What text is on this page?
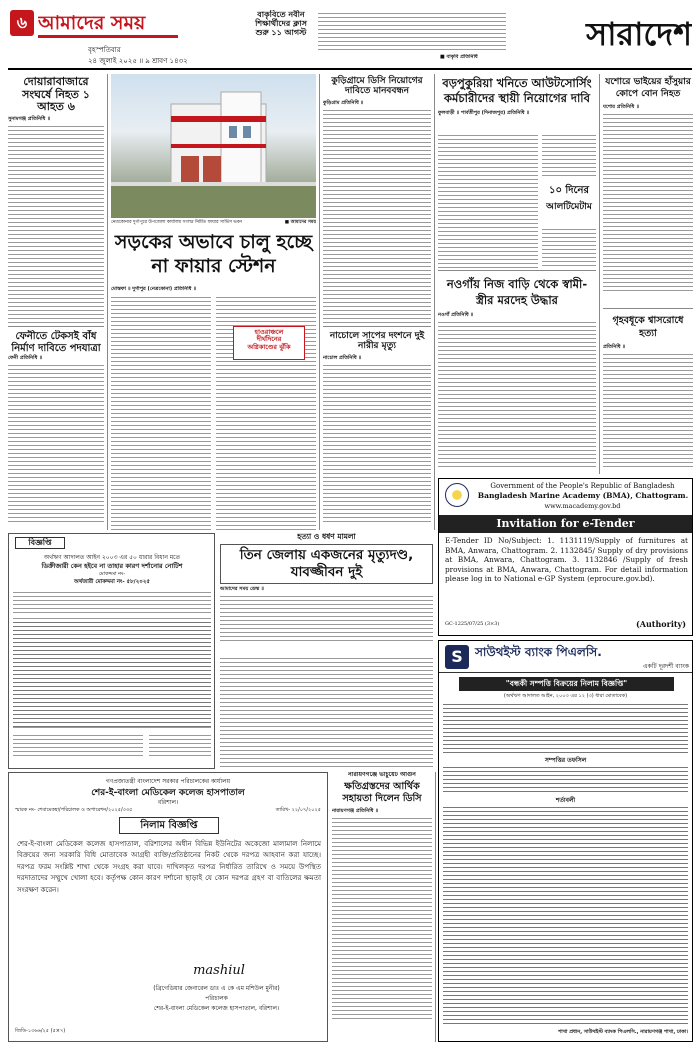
৬ আমাদের সময়
বৃহস্পতিবার
২৪ জুলাই ২০২৫ ॥ ৯ শ্রাবণ ১৪৩২
বাকৃবিতে নবীন
শিক্ষার্থীদের ক্লাস
শুরু ১১ আগস্ট
■ বাকৃবি প্রতিনিধি
সারাদেশ
দোয়ারাবাজারে সংঘর্ষে নিহত ১ আহত ৬
সুনামগঞ্জ প্রতিনিধি ॥
ফেনীতে টেকসই বাঁধ নির্মাণ দাবিতে পদযাত্রা
ফেনী প্রতিনিধি ॥
নেত্রকোনার দুর্গাপুরে উপজেলা কার্যালয় সংলগ্ন নির্মিত ফায়ার সার্ভিস ভবন	■ আমাদের সময়
সড়কের অভাবে চালু হচ্ছে না ফায়ার স্টেশন
মোস্তফা ॥ দুর্গাপুর (নেত্রকোনা) প্রতিনিধি ॥
হাওরাঞ্চলে
দীর্ঘদিনের
অগ্নিকাণ্ডের ঝুঁকি
কুড়িগ্রামে ডিসি নিয়োগের দাবিতে মানববন্ধন
কুড়িগ্রাম প্রতিনিধি ॥
নাচোলে সাপের দংশনে দুই নারীর মৃত্যু
নাচোল প্রতিনিধি ॥
বড়পুকুরিয়া খনিতে আউটসোর্সিং কর্মচারীদের স্থায়ী নিয়োগের দাবি
ফুলবাড়ী ॥ পার্বতীপুর (দিনাজপুর) প্রতিনিধি ॥
১০ দিনের
আলটিমেটাম
নওগাঁয় নিজ বাড়ি থেকে স্বামী-স্ত্রীর মরদেহ উদ্ধার
নওগাঁ প্রতিনিধি ॥
যশোরে ভাইয়ের হাঁসুয়ার কোপে বোন নিহত
যশোর প্রতিনিধি ॥
গৃহবধূকে শ্বাসরোধে হত্যা
প্রতিনিধি ॥
Government of the People's Republic of Bangladesh
Bangladesh Marine Academy (BMA), Chattogram.
www.macademy.gov.bd
Invitation for e-Tender
E-Tender ID No/Subject: 1. 1131119/Supply of furnitures at BMA, Anwara, Chattogram. 2. 1132845/ Supply of dry provisions at BMA, Anwara, Chattogram. 3. 1132846 /Supply of fresh provisions at BMA, Anwara, Chattogram. For detail information please log in to National e-GP System (eprocure.gov.bd).
GC-1225/07/25 (3×3)	(Authority)
হত্যা ও ধর্ষণ মামলা
তিন জেলায় একজনের মৃত্যুদণ্ড, যাবজ্জীবন দুই
আমাদের সময় ডেস্ক ॥
বিজ্ঞপ্তি
অর্থঋণ আদালত আইন ২০০৩ এর ৫০ ধারার বিধান মতে
ডিক্রীজারী কেন হইবে না তাহার কারণ দর্শানোর নোটিশ
মোকদ্দমা নং-
অর্থজারী মোকদ্দমা নং- ৫৮/২০২৫
গণপ্রজাতন্ত্রী বাংলাদেশ সরকার পরিচালকের কার্যালয়
শের-ই-বাংলা মেডিকেল কলেজ হাসপাতাল
বরিশাল।
স্মারক নং- শেবামেকহা/পরিচালক ও অপারেশন/২০২৫/৩৩৫	তারিখ- ২২/০৭/২০২৫
নিলাম বিজ্ঞপ্তি
শের-ই-বাংলা মেডিকেল কলেজ হাসপাতাল, বরিশালের অধীন বিভিন্ন ইউনিটের অকেজো মালামাল নিলামে বিক্রয়ের জন্য সরকারি বিধি মোতাবেক আগ্রহী ব্যক্তি/প্রতিষ্ঠানের নিকট থেকে দরপত্র আহবান করা যাচ্ছে। দরপত্র ফরম সংশ্লিষ্ট শাখা থেকে সংগ্রহ করা যাবে। দাখিলকৃত দরপত্র নির্ধারিত তারিখে ও সময়ে উপস্থিত দরদাতাদের সম্মুখে খোলা হবে। কর্তৃপক্ষ কোন কারণ দর্শানো ছাড়াই যে কোন দরপত্র গ্রহণ বা বাতিলের ক্ষমতা সংরক্ষণ করেন।
mashiul
(ব্রিগেডিয়ার জেনারেল ডাঃ এ কে এম মশিউল মুনীর)
পরিচালক
শের-ই-বাংলা মেডিকেল কলেজ হাসপাতাল, বরিশাল।
জিডি-১৩৬৬/২৫ (৫×৭)
নারায়ণগঞ্জে ভার্চুয়েট আগুন
ক্ষতিগ্রস্তদের আর্থিক সহায়তা দিলেন ডিসি
নারায়ণগঞ্জ প্রতিনিধি ॥
S	সাউথইস্ট ব্যাংক পিএলসি.
একটি দূরদর্শী ব্যাংক
"বন্ধকী সম্পত্তি বিক্রয়ের নিলাম বিজ্ঞপ্তি"
(অর্থঋণ আদালত আইন, ২০০৩ এর ১২ (৩) ধারা মোতাবেক)
সম্পত্তির তফসিল
শর্তাবলী
শাখা প্রধান, সাউথইস্ট ব্যাংক পিএলসি., নারায়ণগঞ্জ শাখা, ঢাকা।
